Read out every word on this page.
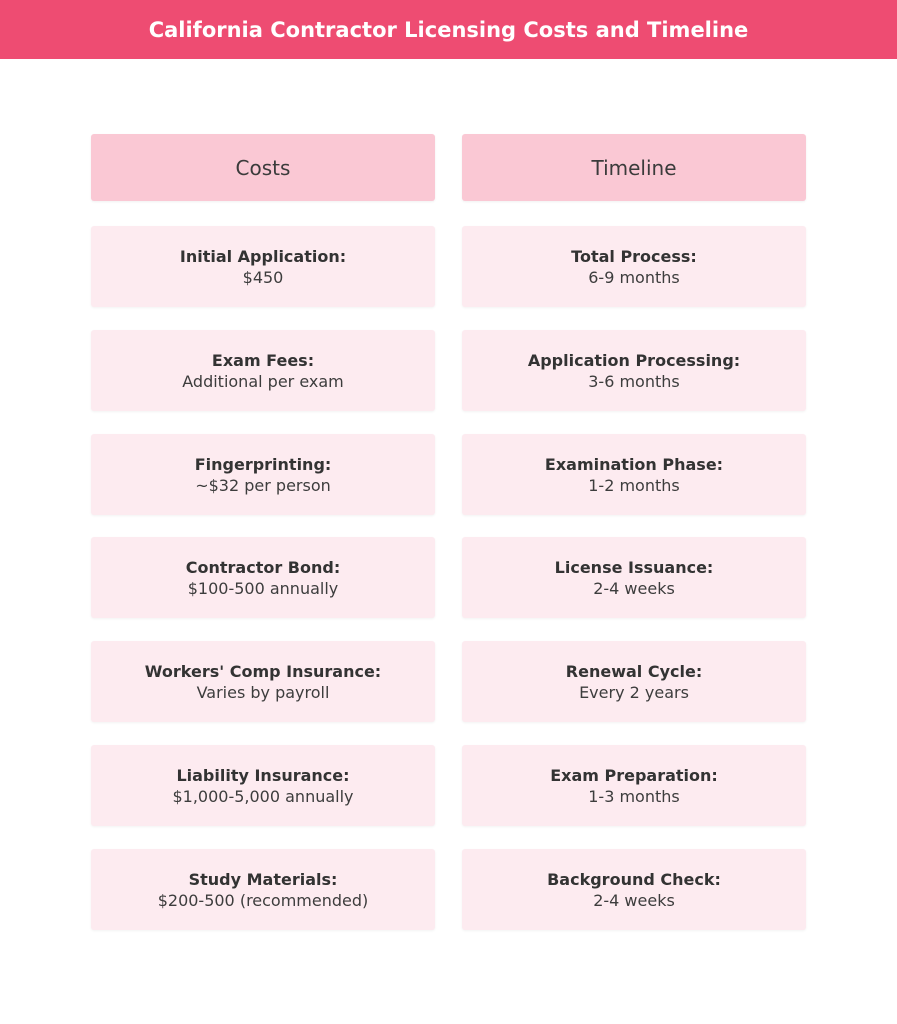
California Contractor Licensing Costs and Timeline
Costs
Initial Application:
$450
Exam Fees:
Additional per exam
Fingerprinting:
~$32 per person
Contractor Bond:
$100-500 annually
Workers' Comp Insurance:
Varies by payroll
Liability Insurance:
$1,000-5,000 annually
Study Materials:
$200-500 (recommended)
Timeline
Total Process:
6-9 months
Application Processing:
3-6 months
Examination Phase:
1-2 months
License Issuance:
2-4 weeks
Renewal Cycle:
Every 2 years
Exam Preparation:
1-3 months
Background Check:
2-4 weeks
